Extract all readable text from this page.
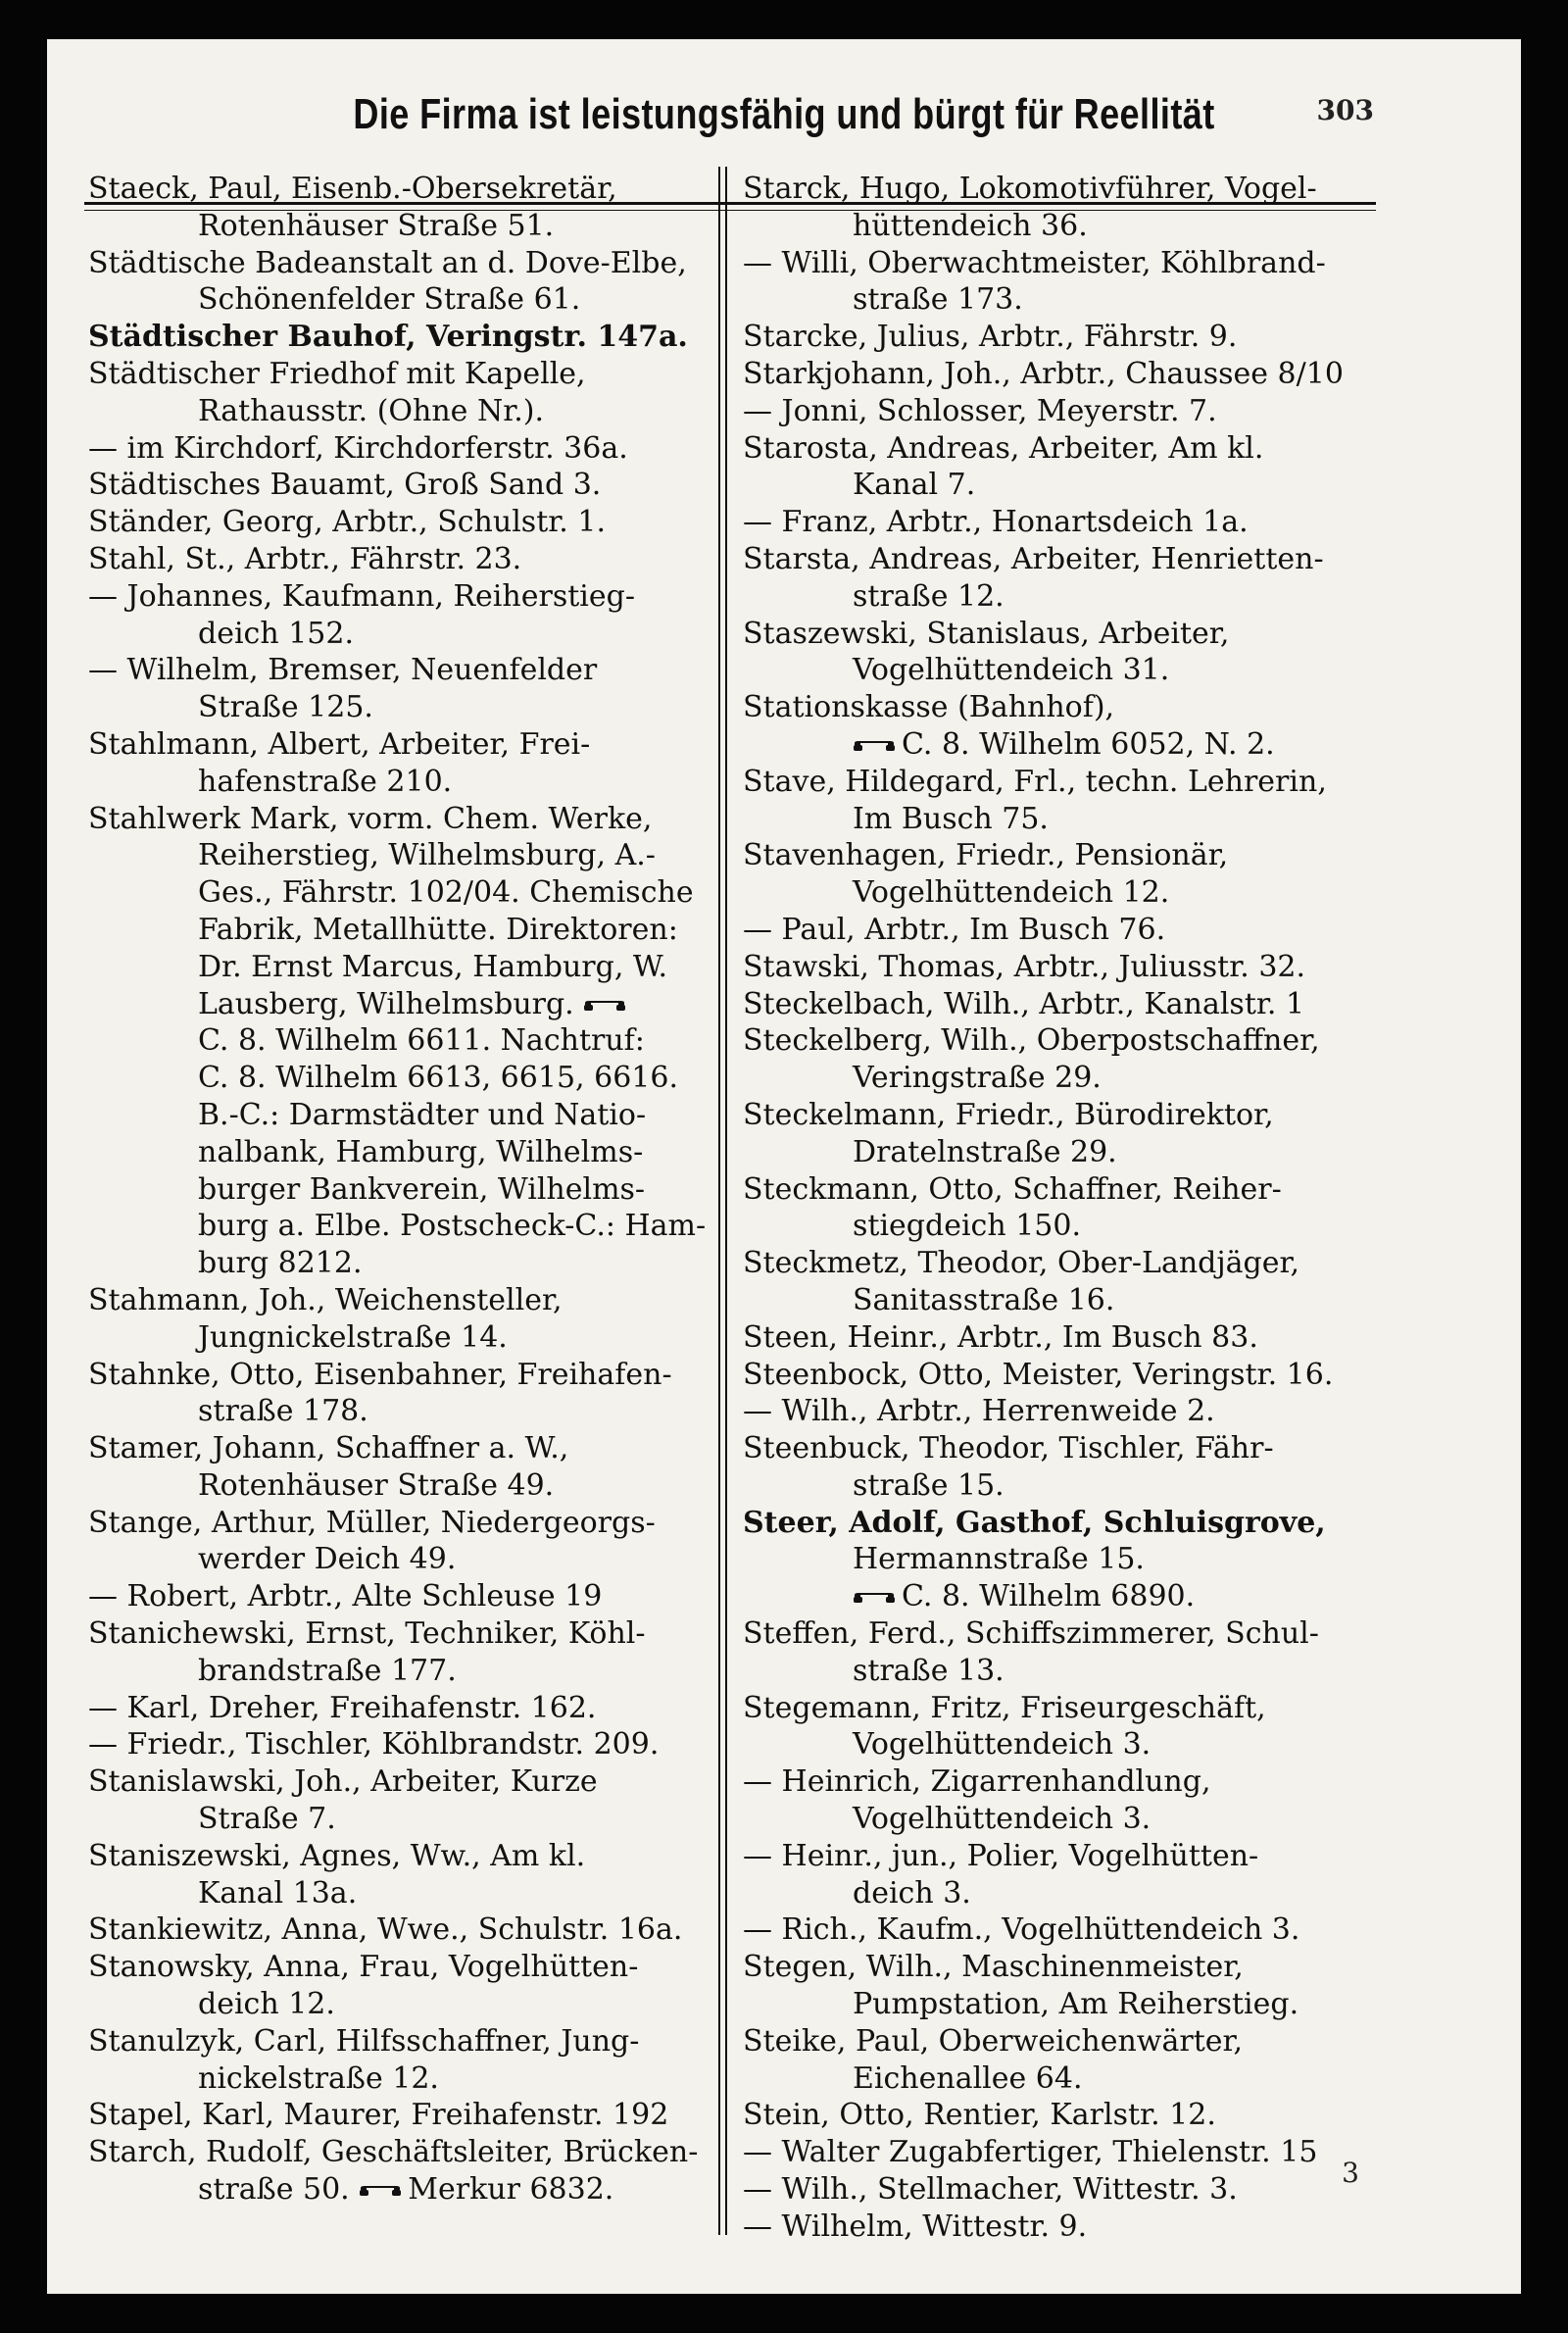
Die Firma ist leistungsfähig und bürgt für Reellität	303
Staeck, Paul, Eisenb.-Obersekretär,
Rotenhäuser Straße 51.
Städtische Badeanstalt an d. Dove-Elbe,
Schönenfelder Straße 61.
Städtischer Bauhof, Veringstr. 147a.
Städtischer Friedhof mit Kapelle,
Rathausstr. (Ohne Nr.).
— im Kirchdorf, Kirchdorferstr. 36a.
Städtisches Bauamt, Groß Sand 3.
Ständer, Georg, Arbtr., Schulstr. 1.
Stahl, St., Arbtr., Fährstr. 23.
— Johannes, Kaufmann, Reiherstieg-
deich 152.
— Wilhelm, Bremser, Neuenfelder
Straße 125.
Stahlmann, Albert, Arbeiter, Frei-
hafenstraße 210.
Stahlwerk Mark, vorm. Chem. Werke,
Reiherstieg, Wilhelmsburg, A.-
Ges., Fährstr. 102/04. Chemische
Fabrik, Metallhütte. Direktoren:
Dr. Ernst Marcus, Hamburg, W.
Lausberg, Wilhelmsburg.
C. 8. Wilhelm 6611. Nachtruf:
C. 8. Wilhelm 6613, 6615, 6616.
B.-C.: Darmstädter und Natio-
nalbank, Hamburg, Wilhelms-
burger Bankverein, Wilhelms-
burg a. Elbe. Postscheck-C.: Ham-
burg 8212.
Stahmann, Joh., Weichensteller,
Jungnickelstraße 14.
Stahnke, Otto, Eisenbahner, Freihafen-
straße 178.
Stamer, Johann, Schaffner a. W.,
Rotenhäuser Straße 49.
Stange, Arthur, Müller, Niedergeorgs-
werder Deich 49.
— Robert, Arbtr., Alte Schleuse 19
Stanichewski, Ernst, Techniker, Köhl-
brandstraße 177.
— Karl, Dreher, Freihafenstr. 162.
— Friedr., Tischler, Köhlbrandstr. 209.
Stanislawski, Joh., Arbeiter, Kurze
Straße 7.
Staniszewski, Agnes, Ww., Am kl.
Kanal 13a.
Stankiewitz, Anna, Wwe., Schulstr. 16a.
Stanowsky, Anna, Frau, Vogelhütten-
deich 12.
Stanulzyk, Carl, Hilfsschaffner, Jung-
nickelstraße 12.
Stapel, Karl, Maurer, Freihafenstr. 192
Starch, Rudolf, Geschäftsleiter, Brücken-
straße 50. Merkur 6832.
Starck, Hugo, Lokomotivführer, Vogel-
hüttendeich 36.
— Willi, Oberwachtmeister, Köhlbrand-
straße 173.
Starcke, Julius, Arbtr., Fährstr. 9.
Starkjohann, Joh., Arbtr., Chaussee 8/10
— Jonni, Schlosser, Meyerstr. 7.
Starosta, Andreas, Arbeiter, Am kl.
Kanal 7.
— Franz, Arbtr., Honartsdeich 1a.
Starsta, Andreas, Arbeiter, Henrietten-
straße 12.
Staszewski, Stanislaus, Arbeiter,
Vogelhüttendeich 31.
Stationskasse (Bahnhof),
C. 8. Wilhelm 6052, N. 2.
Stave, Hildegard, Frl., techn. Lehrerin,
Im Busch 75.
Stavenhagen, Friedr., Pensionär,
Vogelhüttendeich 12.
— Paul, Arbtr., Im Busch 76.
Stawski, Thomas, Arbtr., Juliusstr. 32.
Steckelbach, Wilh., Arbtr., Kanalstr. 1
Steckelberg, Wilh., Oberpostschaffner,
Veringstraße 29.
Steckelmann, Friedr., Bürodirektor,
Dratelnstraße 29.
Steckmann, Otto, Schaffner, Reiher-
stiegdeich 150.
Steckmetz, Theodor, Ober-Landjäger,
Sanitasstraße 16.
Steen, Heinr., Arbtr., Im Busch 83.
Steenbock, Otto, Meister, Veringstr. 16.
— Wilh., Arbtr., Herrenweide 2.
Steenbuck, Theodor, Tischler, Fähr-
straße 15.
Steer, Adolf, Gasthof, Schluisgrove,
Hermannstraße 15.
C. 8. Wilhelm 6890.
Steffen, Ferd., Schiffszimmerer, Schul-
straße 13.
Stegemann, Fritz, Friseurgeschäft,
Vogelhüttendeich 3.
— Heinrich, Zigarrenhandlung,
Vogelhüttendeich 3.
— Heinr., jun., Polier, Vogelhütten-
deich 3.
— Rich., Kaufm., Vogelhüttendeich 3.
Stegen, Wilh., Maschinenmeister,
Pumpstation, Am Reiherstieg.
Steike, Paul, Oberweichenwärter,
Eichenallee 64.
Stein, Otto, Rentier, Karlstr. 12.
— Walter Zugabfertiger, Thielenstr. 15
— Wilh., Stellmacher, Wittestr. 3.
— Wilhelm, Wittestr. 9.
3
